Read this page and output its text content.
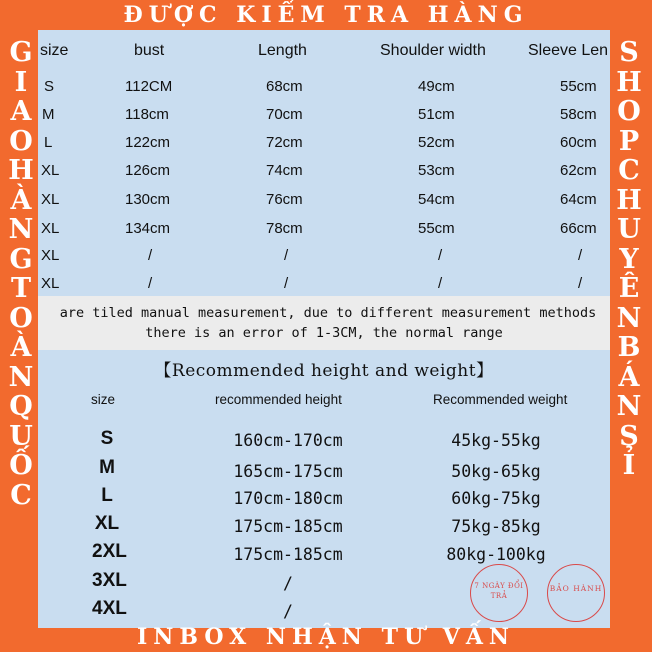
ĐƯỢC KIỂM TRA HÀNG
G
I
A
O
H
À
N
G
T
O
À
N
Q
U
Ố
C
S
H
O
P
C
H
U
Y
Ê
N
B
Á
N
S
Ỉ
size	bust	Length	Shoulder width	Sleeve Len
S	112CM	68cm	49cm	55cm
M	118cm	70cm	51cm	58cm
L	122cm	72cm	52cm	60cm
XL	126cm	74cm	53cm	62cm
XL	130cm	76cm	54cm	64cm
XL	134cm	78cm	55cm	66cm
XL	/	/	/	/
XL	/	/	/	/
are tiled manual measurement, due to different measurement methods
there is an error of 1-3CM, the normal range
【Recommended height and weight】
size	recommended height	Recommended weight
S	160cm-170cm	45kg-55kg
M	165cm-175cm	50kg-65kg
L	170cm-180cm	60kg-75kg
XL	175cm-185cm	75kg-85kg
2XL	175cm-185cm	80kg-100kg
3XL	/
4XL	/
7 NGÀY ĐỔI TRẢ
BẢO HÀNH
INBOX NHẬN TƯ VẤN
